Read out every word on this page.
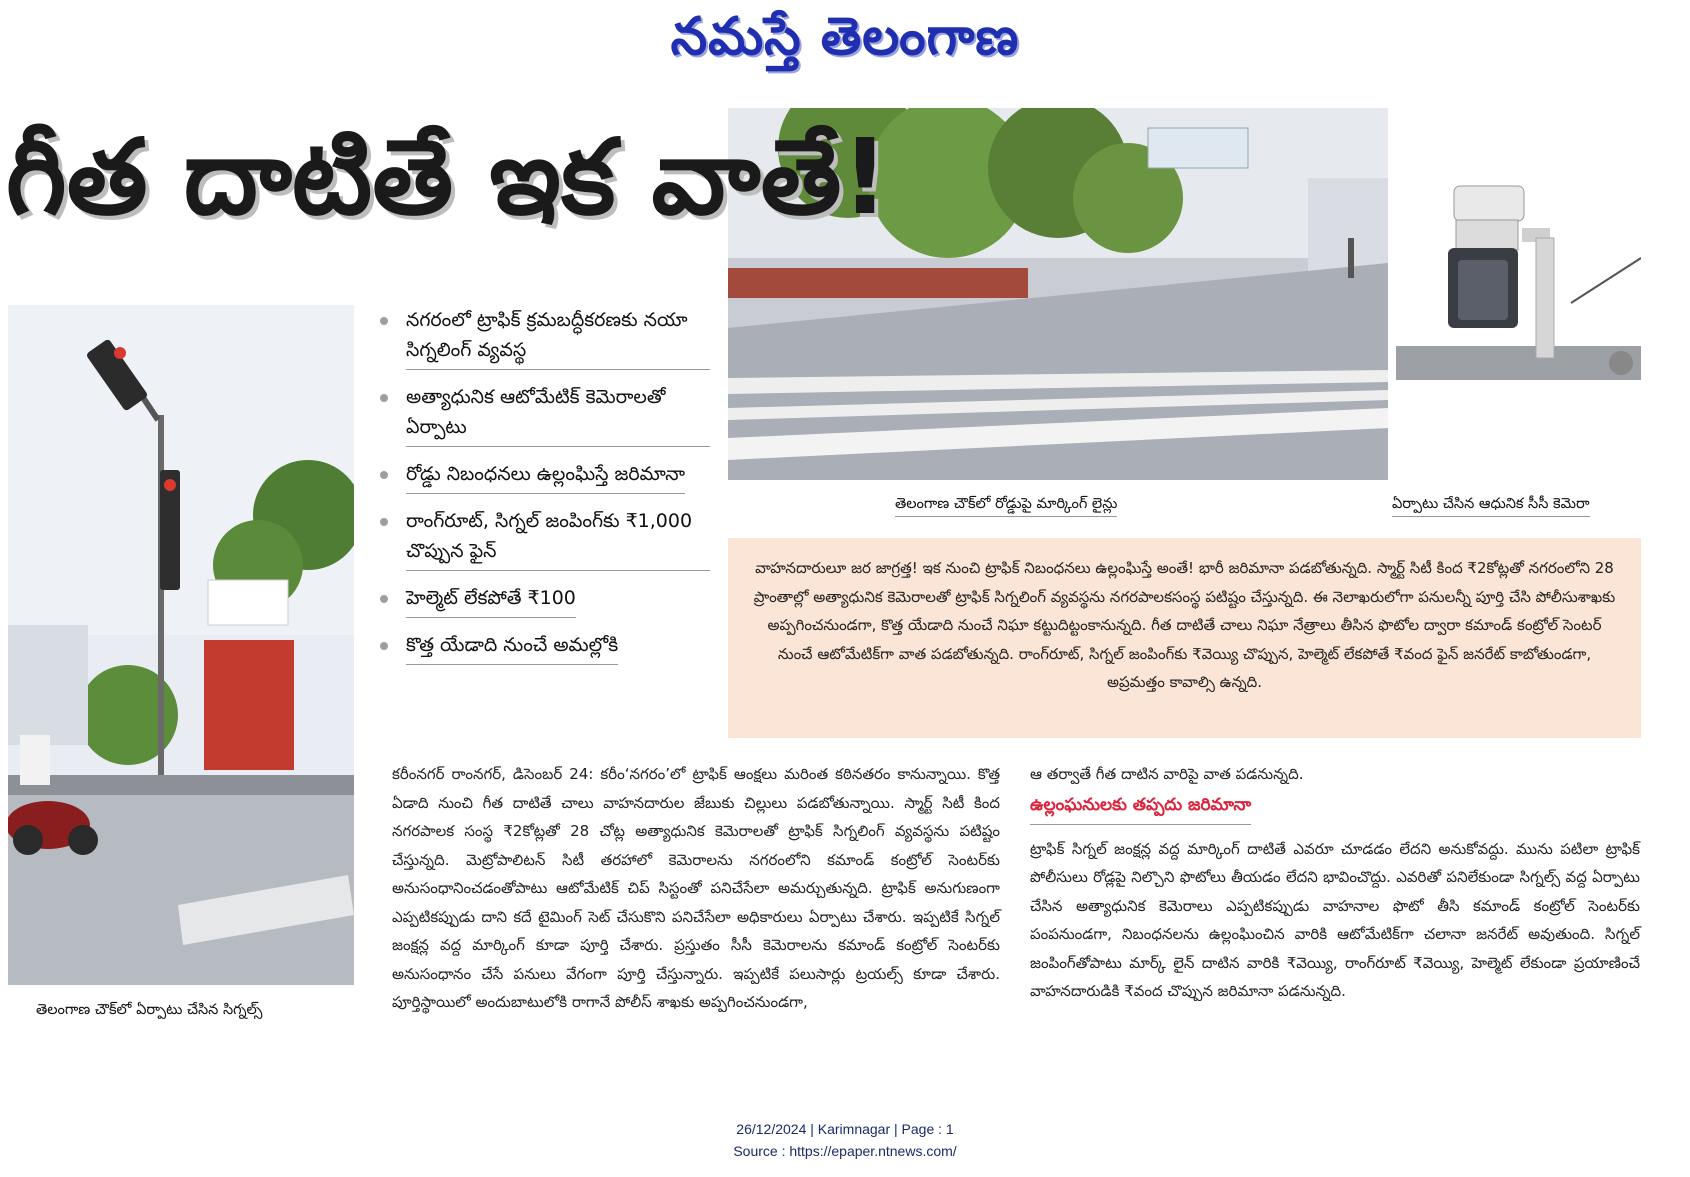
నమస్తే తెలంగాణ
గీత దాటితే ఇక వాతే!
నగరంలో ట్రాఫిక్ క్రమబద్ధీకరణకు నయా సిగ్నలింగ్ వ్యవస్థ
అత్యాధునిక ఆటోమేటిక్ కెమెరాలతో ఏర్పాటు
రోడ్డు నిబంధనలు ఉల్లంఘిస్తే జరిమానా
రాంగ్‌రూట్, సిగ్నల్ జంపింగ్‌కు ₹1,000 చొప్పున ఫైన్
హెల్మెట్ లేకపోతే ₹100
కొత్త యేడాది నుంచే అమల్లోకి
తెలంగాణ చౌక్‌లో రోడ్డుపై మార్కింగ్ లైన్లు	ఏర్పాటు చేసిన ఆధునిక సీసీ కెమెరా
తెలంగాణ చౌక్‌లో ఏర్పాటు చేసిన సిగ్నల్స్
వాహనదారులూ జర జాగ్రత్త! ఇక నుంచి ట్రాఫిక్ నిబంధనలు ఉల్లంఘిస్తే అంతే! భారీ జరిమానా పడబోతున్నది. స్మార్ట్ సిటీ కింద ₹2కోట్లతో నగరంలోని 28 ప్రాంతాల్లో అత్యాధునిక కెమెరాలతో ట్రాఫిక్ సిగ్నలింగ్ వ్యవస్థను నగరపాలకసంస్థ పటిష్టం చేస్తున్నది. ఈ నెలాఖరులోగా పనులన్నీ పూర్తి చేసి పోలీసుశాఖకు అప్పగించనుండగా, కొత్త యేడాది నుంచే నిఘా కట్టుదిట్టంకానున్నది. గీత దాటితే చాలు నిఘా నేత్రాలు తీసిన ఫొటోల ద్వారా కమాండ్ కంట్రోల్ సెంటర్ నుంచే ఆటోమేటిక్‌గా వాత పడబోతున్నది. రాంగ్‌రూట్, సిగ్నల్ జంపింగ్‌కు ₹వెయ్యి చొప్పున, హెల్మెట్ లేకపోతే ₹వంద ఫైన్ జనరేట్ కాబోతుండగా, అప్రమత్తం కావాల్సి ఉన్నది.
కరీంనగర్ రాంనగర్, డిసెంబర్ 24: కరీం‘నగరం’లో ట్రాఫిక్ ఆంక్షలు మరింత కఠినతరం కానున్నాయి. కొత్త ఏడాది నుంచి గీత దాటితే చాలు వాహనదారుల జేబుకు చిల్లులు పడబోతున్నాయి. స్మార్ట్ సిటీ కింద నగరపాలక సంస్థ ₹2కోట్లతో 28 చోట్ల అత్యాధునిక కెమెరాలతో ట్రాఫిక్ సిగ్నలింగ్ వ్యవస్థను పటిష్టం చేస్తున్నది. మెట్రోపాలిటన్ సిటీ తరహాలో కెమెరాలను నగరంలోని కమాండ్ కంట్రోల్ సెంటర్‌కు అనుసంధానించడంతోపాటు ఆటోమేటిక్ చిప్ సిస్టంతో పనిచేసేలా అమర్చుతున్నది. ట్రాఫిక్ అనుగుణంగా ఎప్పటికప్పుడు దాని కదే టైమింగ్ సెట్ చేసుకొని పనిచేసేలా అధికారులు ఏర్పాటు చేశారు. ఇప్పటికే సిగ్నల్ జంక్షన్ల వద్ద మార్కింగ్ కూడా పూర్తి చేశారు. ప్రస్తుతం సీసీ కెమెరాలను కమాండ్ కంట్రోల్ సెంటర్‌కు అనుసంధానం చేసే పనులు వేగంగా పూర్తి చేస్తున్నారు. ఇప్పటికే పలుసార్లు ట్రయల్స్ కూడా చేశారు. పూర్తిస్థాయిలో అందుబాటులోకి రాగానే పోలీస్ శాఖకు అప్పగించనుండగా,
ఆ తర్వాతే గీత దాటిన వారిపై వాత పడనున్నది.
ఉల్లంఘనులకు తప్పదు జరిమానా
ట్రాఫిక్ సిగ్నల్ జంక్షన్ల వద్ద మార్కింగ్ దాటితే ఎవరూ చూడడం లేదని అనుకోవద్దు. మును పటిలా ట్రాఫిక్ పోలీసులు రోడ్లపై నిల్చొని ఫొటోలు తీయడం లేదని భావించొద్దు. ఎవరితో పనిలేకుండా సిగ్నల్స్ వద్ద ఏర్పాటు చేసిన అత్యాధునిక కెమెరాలు ఎప్పటికప్పుడు వాహనాల ఫొటో తీసి కమాండ్ కంట్రోల్ సెంటర్‌కు పంపనుండగా, నిబంధనలను ఉల్లంఘించిన వారికి ఆటోమేటిక్‌గా చలానా జనరేట్ అవుతుంది. సిగ్నల్ జంపింగ్‌తోపాటు మార్క్ లైన్ దాటిన వారికి ₹వెయ్యి, రాంగ్‌రూట్ ₹వెయ్యి, హెల్మెట్ లేకుండా ప్రయాణించే వాహనదారుడికి ₹వంద చొప్పున జరిమానా పడనున్నది.
26/12/2024 | Karimnagar | Page : 1
Source : https://epaper.ntnews.com/
